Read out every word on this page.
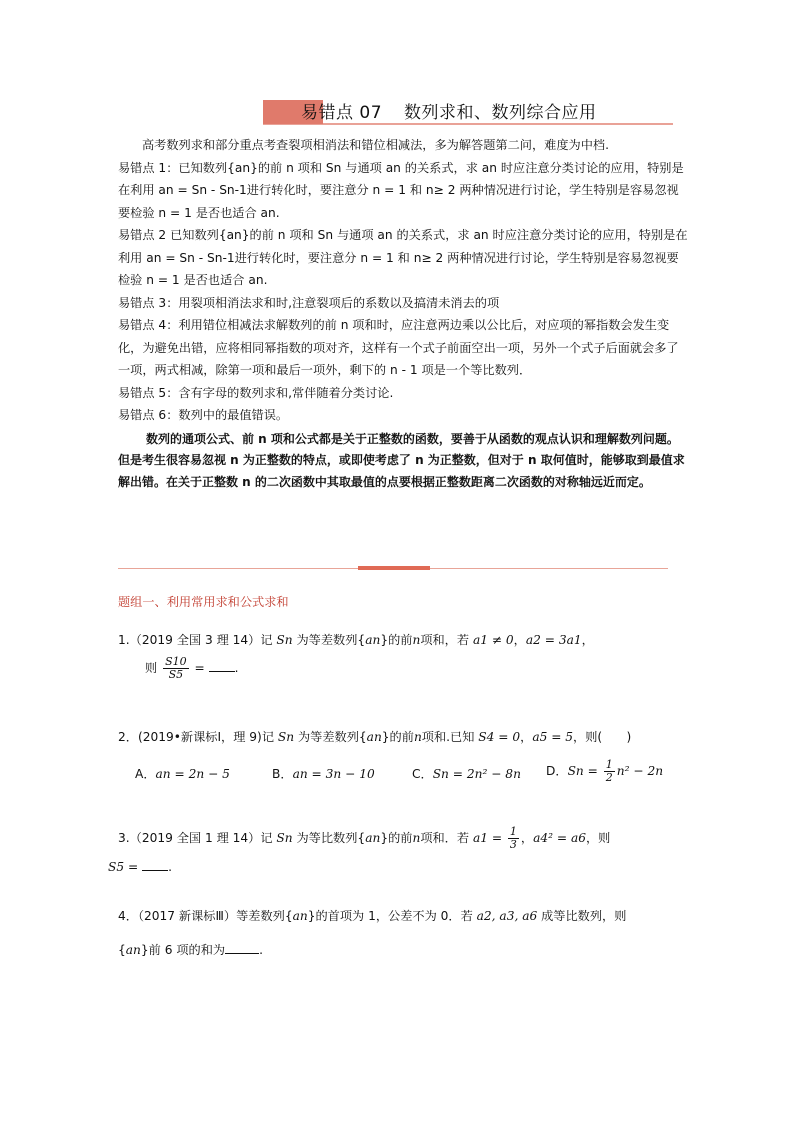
易错点 07 数列求和、数列综合应用

高考数列求和部分重点考查裂项相消法和错位相减法，多为解答题第二问，难度为中档.

易错点 1：已知数列{an}的前 n 项和 Sn 与通项 an 的关系式，求 an 时应注意分类讨论的应用，特别是在利用 an = Sn - Sn-1进行转化时，要注意分 n = 1 和 n≥ 2 两种情况进行讨论，学生特别是容易忽视要检验 n = 1 是否也适合 an.

易错点 2 已知数列{an}的前 n 项和 Sn 与通项 an 的关系式，求 an 时应注意分类讨论的应用，特别是在利用 an = Sn - Sn-1进行转化时，要注意分 n = 1 和 n≥ 2 两种情况进行讨论，学生特别是容易忽视要检验 n = 1 是否也适合 an.

易错点 3：用裂项相消法求和时,注意裂项后的系数以及搞清未消去的项

易错点 4：利用错位相减法求解数列的前 n 项和时，应注意两边乘以公比后，对应项的幂指数会发生变化，为避免出错，应将相同幂指数的项对齐，这样有一个式子前面空出一项，另外一个式子后面就会多了一项，两式相减，除第一项和最后一项外，剩下的 n - 1 项是一个等比数列．

易错点 5：含有字母的数列求和,常伴随着分类讨论.

易错点 6：数列中的最值错误。

数列的通项公式、前 n 项和公式都是关于正整数的函数，要善于从函数的观点认识和理解数列问题。但是考生很容易忽视 n 为正整数的特点，或即使考虑了 n 为正整数，但对于 n 取何值时，能够取到最值求解出错。在关于正整数 n 的二次函数中其取最值的点要根据正整数距离二次函数的对称轴远近而定。

题组一、利用常用求和公式求和
1.（2019 全国 3 理 14）记 Sn 为等差数列{an}的前n项和，若 a1 ≠ 0，a2 = 3a1，
则 $\frac{S10}{S5}$ = .
2．(2019•新课标Ⅰ，理 9)记 Sn 为等差数列{an}的前n项和.已知 S4 = 0，a5 = 5，则(　　)
A．an = 2n − 5	B．an = 3n − 10	C．Sn = 2n² − 8n D．$Sn = \frac{1}{2} n^2 - 2n$
3.（2019 全国 1 理 14）记 Sn 为等比数列{an}的前n项和．若 $a1 = \frac{1}{3}$ ，a4² = a6，则
S5 = .
4．（2017 新课标Ⅲ）等差数列{an}的首项为 1，公差不为 0．若 a2, a3, a6 成等比数列，则
{an}前 6 项的和为	.
